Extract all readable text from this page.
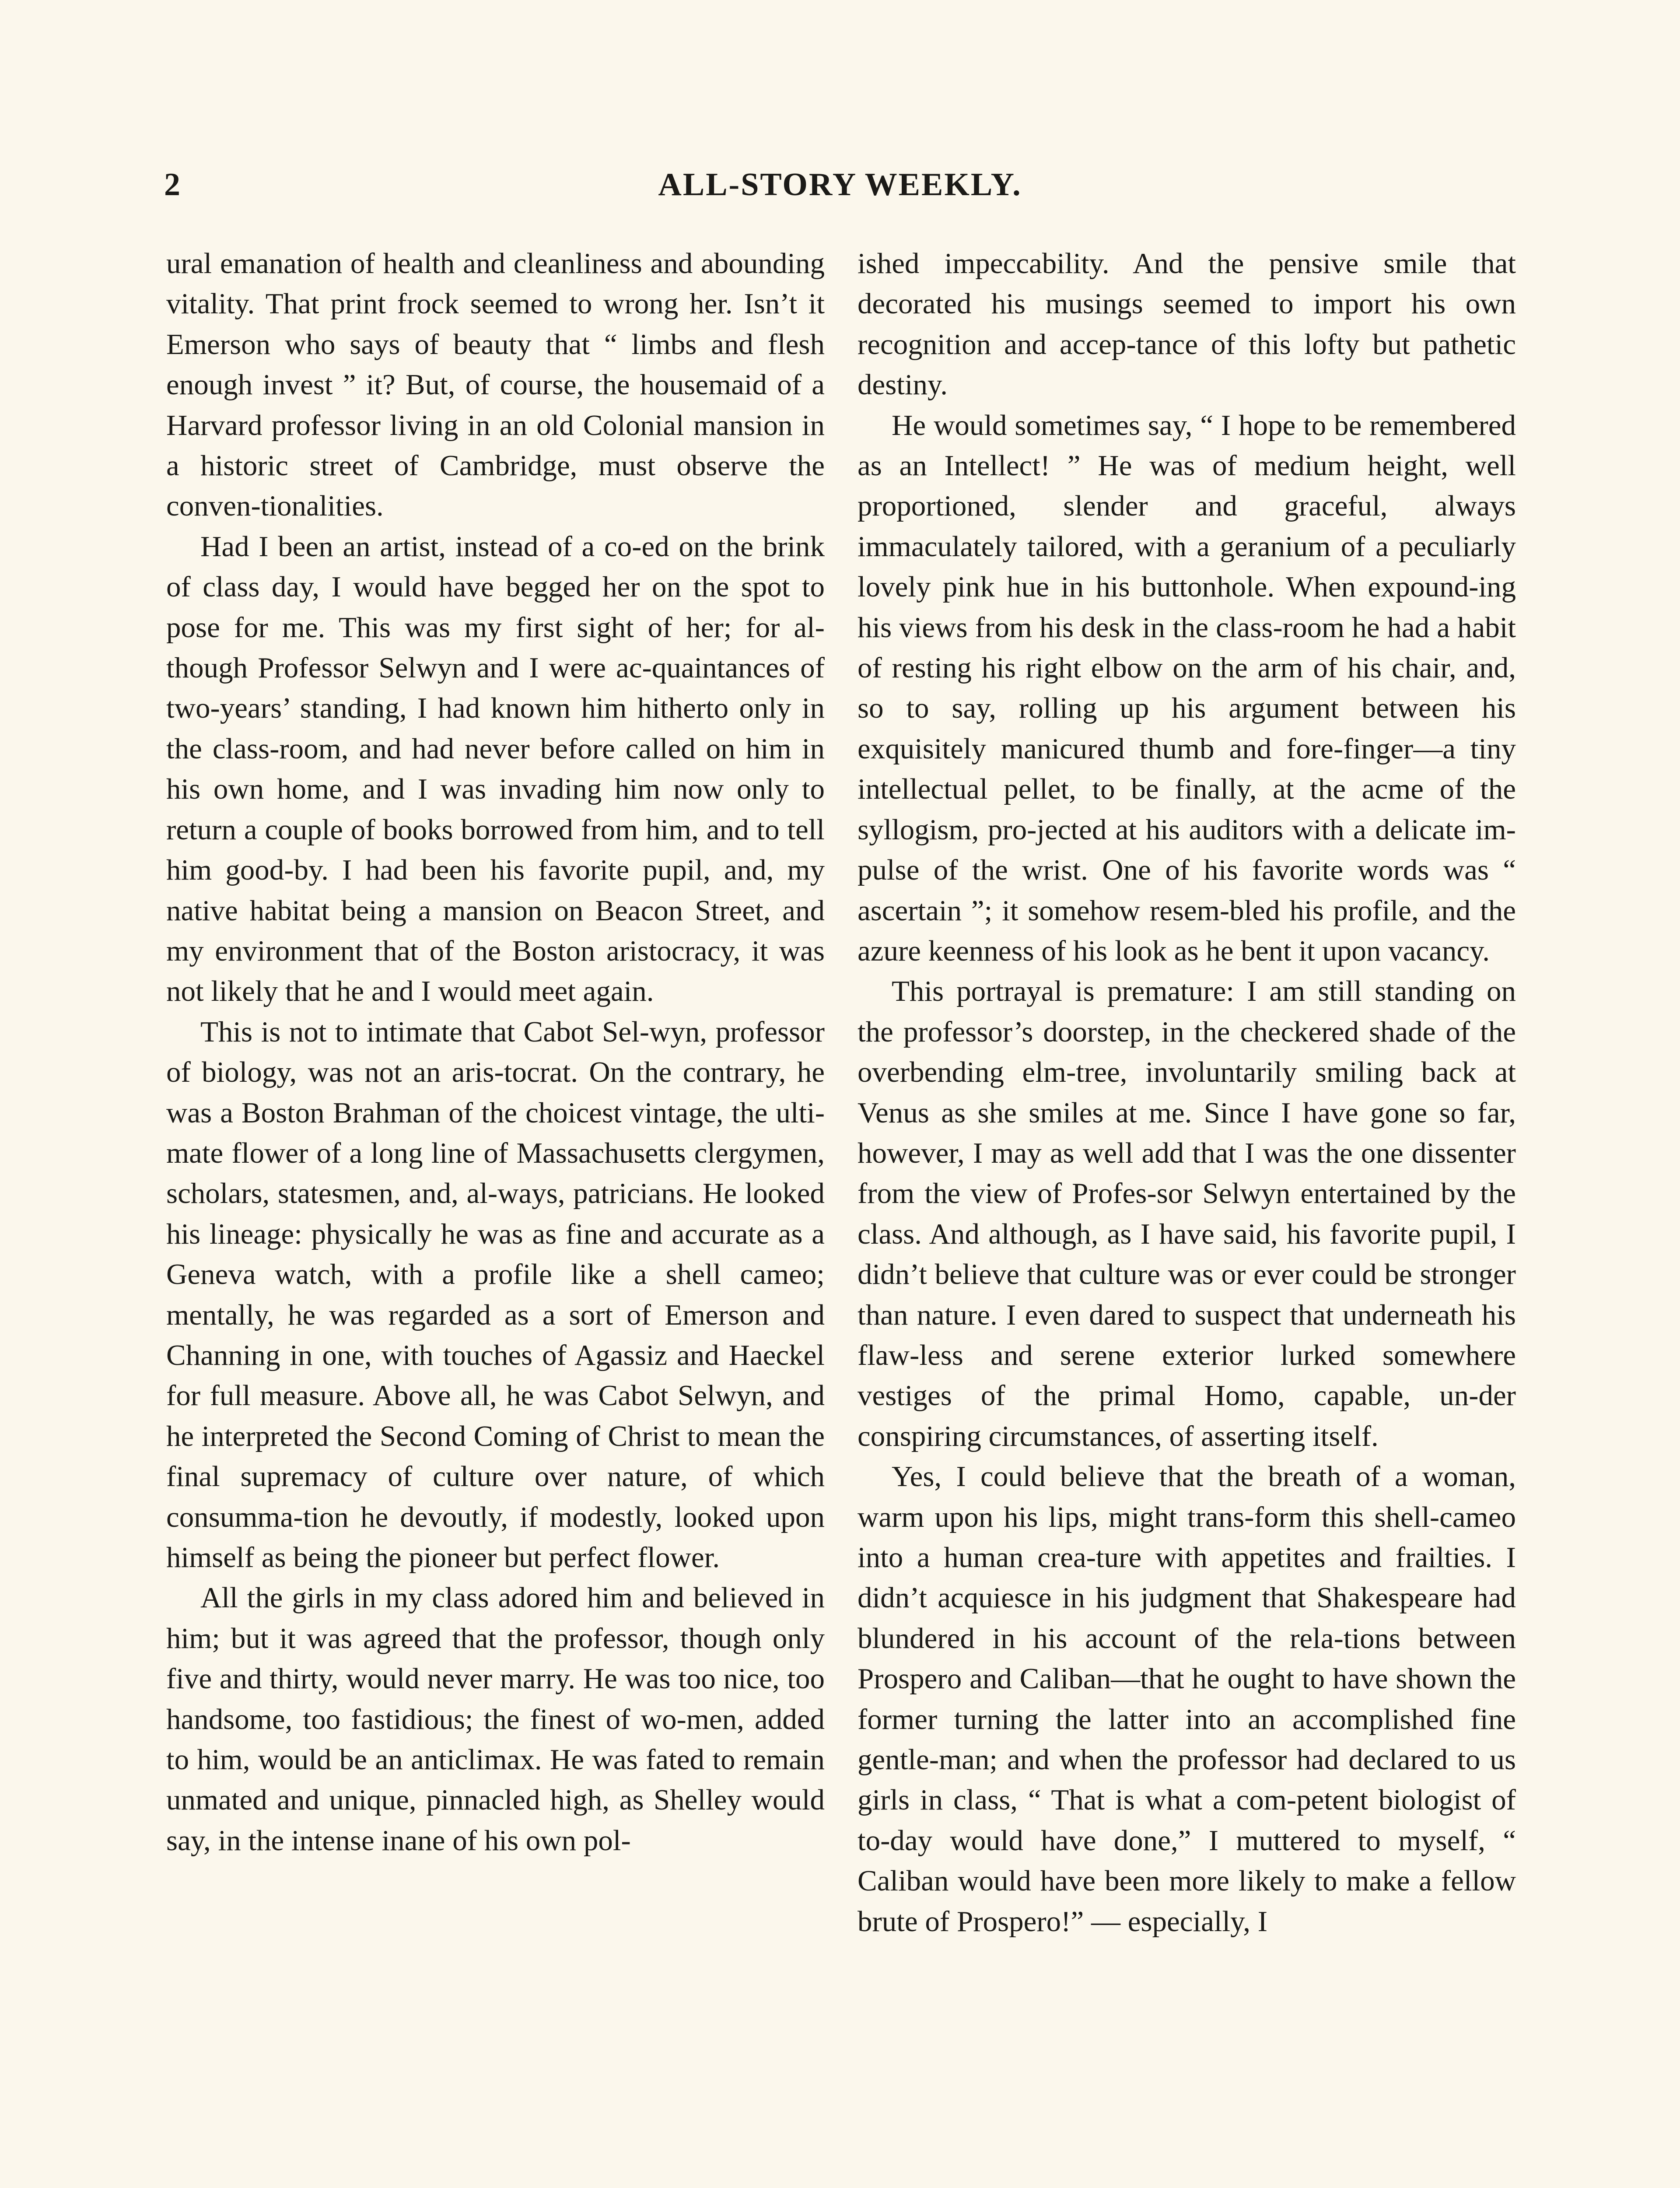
2	ALL-STORY WEEKLY.

ural emanation of health and cleanliness and abounding vitality. That print frock seemed to wrong her. Isn’t it Emerson who says of beauty that “ limbs and flesh enough invest ” it? But, of course, the housemaid of a Harvard professor living in an old Colonial mansion in a historic street of Cambridge, must observe the conven-tionalities.

Had I been an artist, instead of a co-ed on the brink of class day, I would have begged her on the spot to pose for me. This was my first sight of her; for al-though Professor Selwyn and I were ac-quaintances of two-years’ standing, I had known him hitherto only in the class-room, and had never before called on him in his own home, and I was invading him now only to return a couple of books borrowed from him, and to tell him good-by. I had been his favorite pupil, and, my native habitat being a mansion on Beacon Street, and my environment that of the Boston aristocracy, it was not likely that he and I would meet again.

This is not to intimate that Cabot Sel-wyn, professor of biology, was not an aris-tocrat. On the contrary, he was a Boston Brahman of the choicest vintage, the ulti-mate flower of a long line of Massachusetts clergymen, scholars, statesmen, and, al-ways, patricians. He looked his lineage: physically he was as fine and accurate as a Geneva watch, with a profile like a shell cameo; mentally, he was regarded as a sort of Emerson and Channing in one, with touches of Agassiz and Haeckel for full measure. Above all, he was Cabot Selwyn, and he interpreted the Second Coming of Christ to mean the final supremacy of culture over nature, of which consumma-tion he devoutly, if modestly, looked upon himself as being the pioneer but perfect flower.

All the girls in my class adored him and believed in him; but it was agreed that the professor, though only five and thirty, would never marry. He was too nice, too handsome, too fastidious; the finest of wo-men, added to him, would be an anticlimax. He was fated to remain unmated and unique, pinnacled high, as Shelley would say, in the intense inane of his own pol-

ished impeccability. And the pensive smile that decorated his musings seemed to import his own recognition and accep-tance of this lofty but pathetic destiny.

He would sometimes say, “ I hope to be remembered as an Intellect! ” He was of medium height, well proportioned, slender and graceful, always immaculately tailored, with a geranium of a peculiarly lovely pink hue in his buttonhole. When expound-ing his views from his desk in the class-room he had a habit of resting his right elbow on the arm of his chair, and, so to say, rolling up his argument between his exquisitely manicured thumb and fore-finger—a tiny intellectual pellet, to be finally, at the acme of the syllogism, pro-jected at his auditors with a delicate im-pulse of the wrist. One of his favorite words was “ ascertain ”; it somehow resem-bled his profile, and the azure keenness of his look as he bent it upon vacancy.

This portrayal is premature: I am still standing on the professor’s doorstep, in the checkered shade of the overbending elm-tree, involuntarily smiling back at Venus as she smiles at me. Since I have gone so far, however, I may as well add that I was the one dissenter from the view of Profes-sor Selwyn entertained by the class. And although, as I have said, his favorite pupil, I didn’t believe that culture was or ever could be stronger than nature. I even dared to suspect that underneath his flaw-less and serene exterior lurked somewhere vestiges of the primal Homo, capable, un-der conspiring circumstances, of asserting itself.

Yes, I could believe that the breath of a woman, warm upon his lips, might trans-form this shell-cameo into a human crea-ture with appetites and frailties. I didn’t acquiesce in his judgment that Shakespeare had blundered in his account of the rela-tions between Prospero and Caliban—that he ought to have shown the former turning the latter into an accomplished fine gentle-man; and when the professor had declared to us girls in class, “ That is what a com-petent biologist of to-day would have done,” I muttered to myself, “ Caliban would have been more likely to make a fellow brute of Prospero!” — especially, I
